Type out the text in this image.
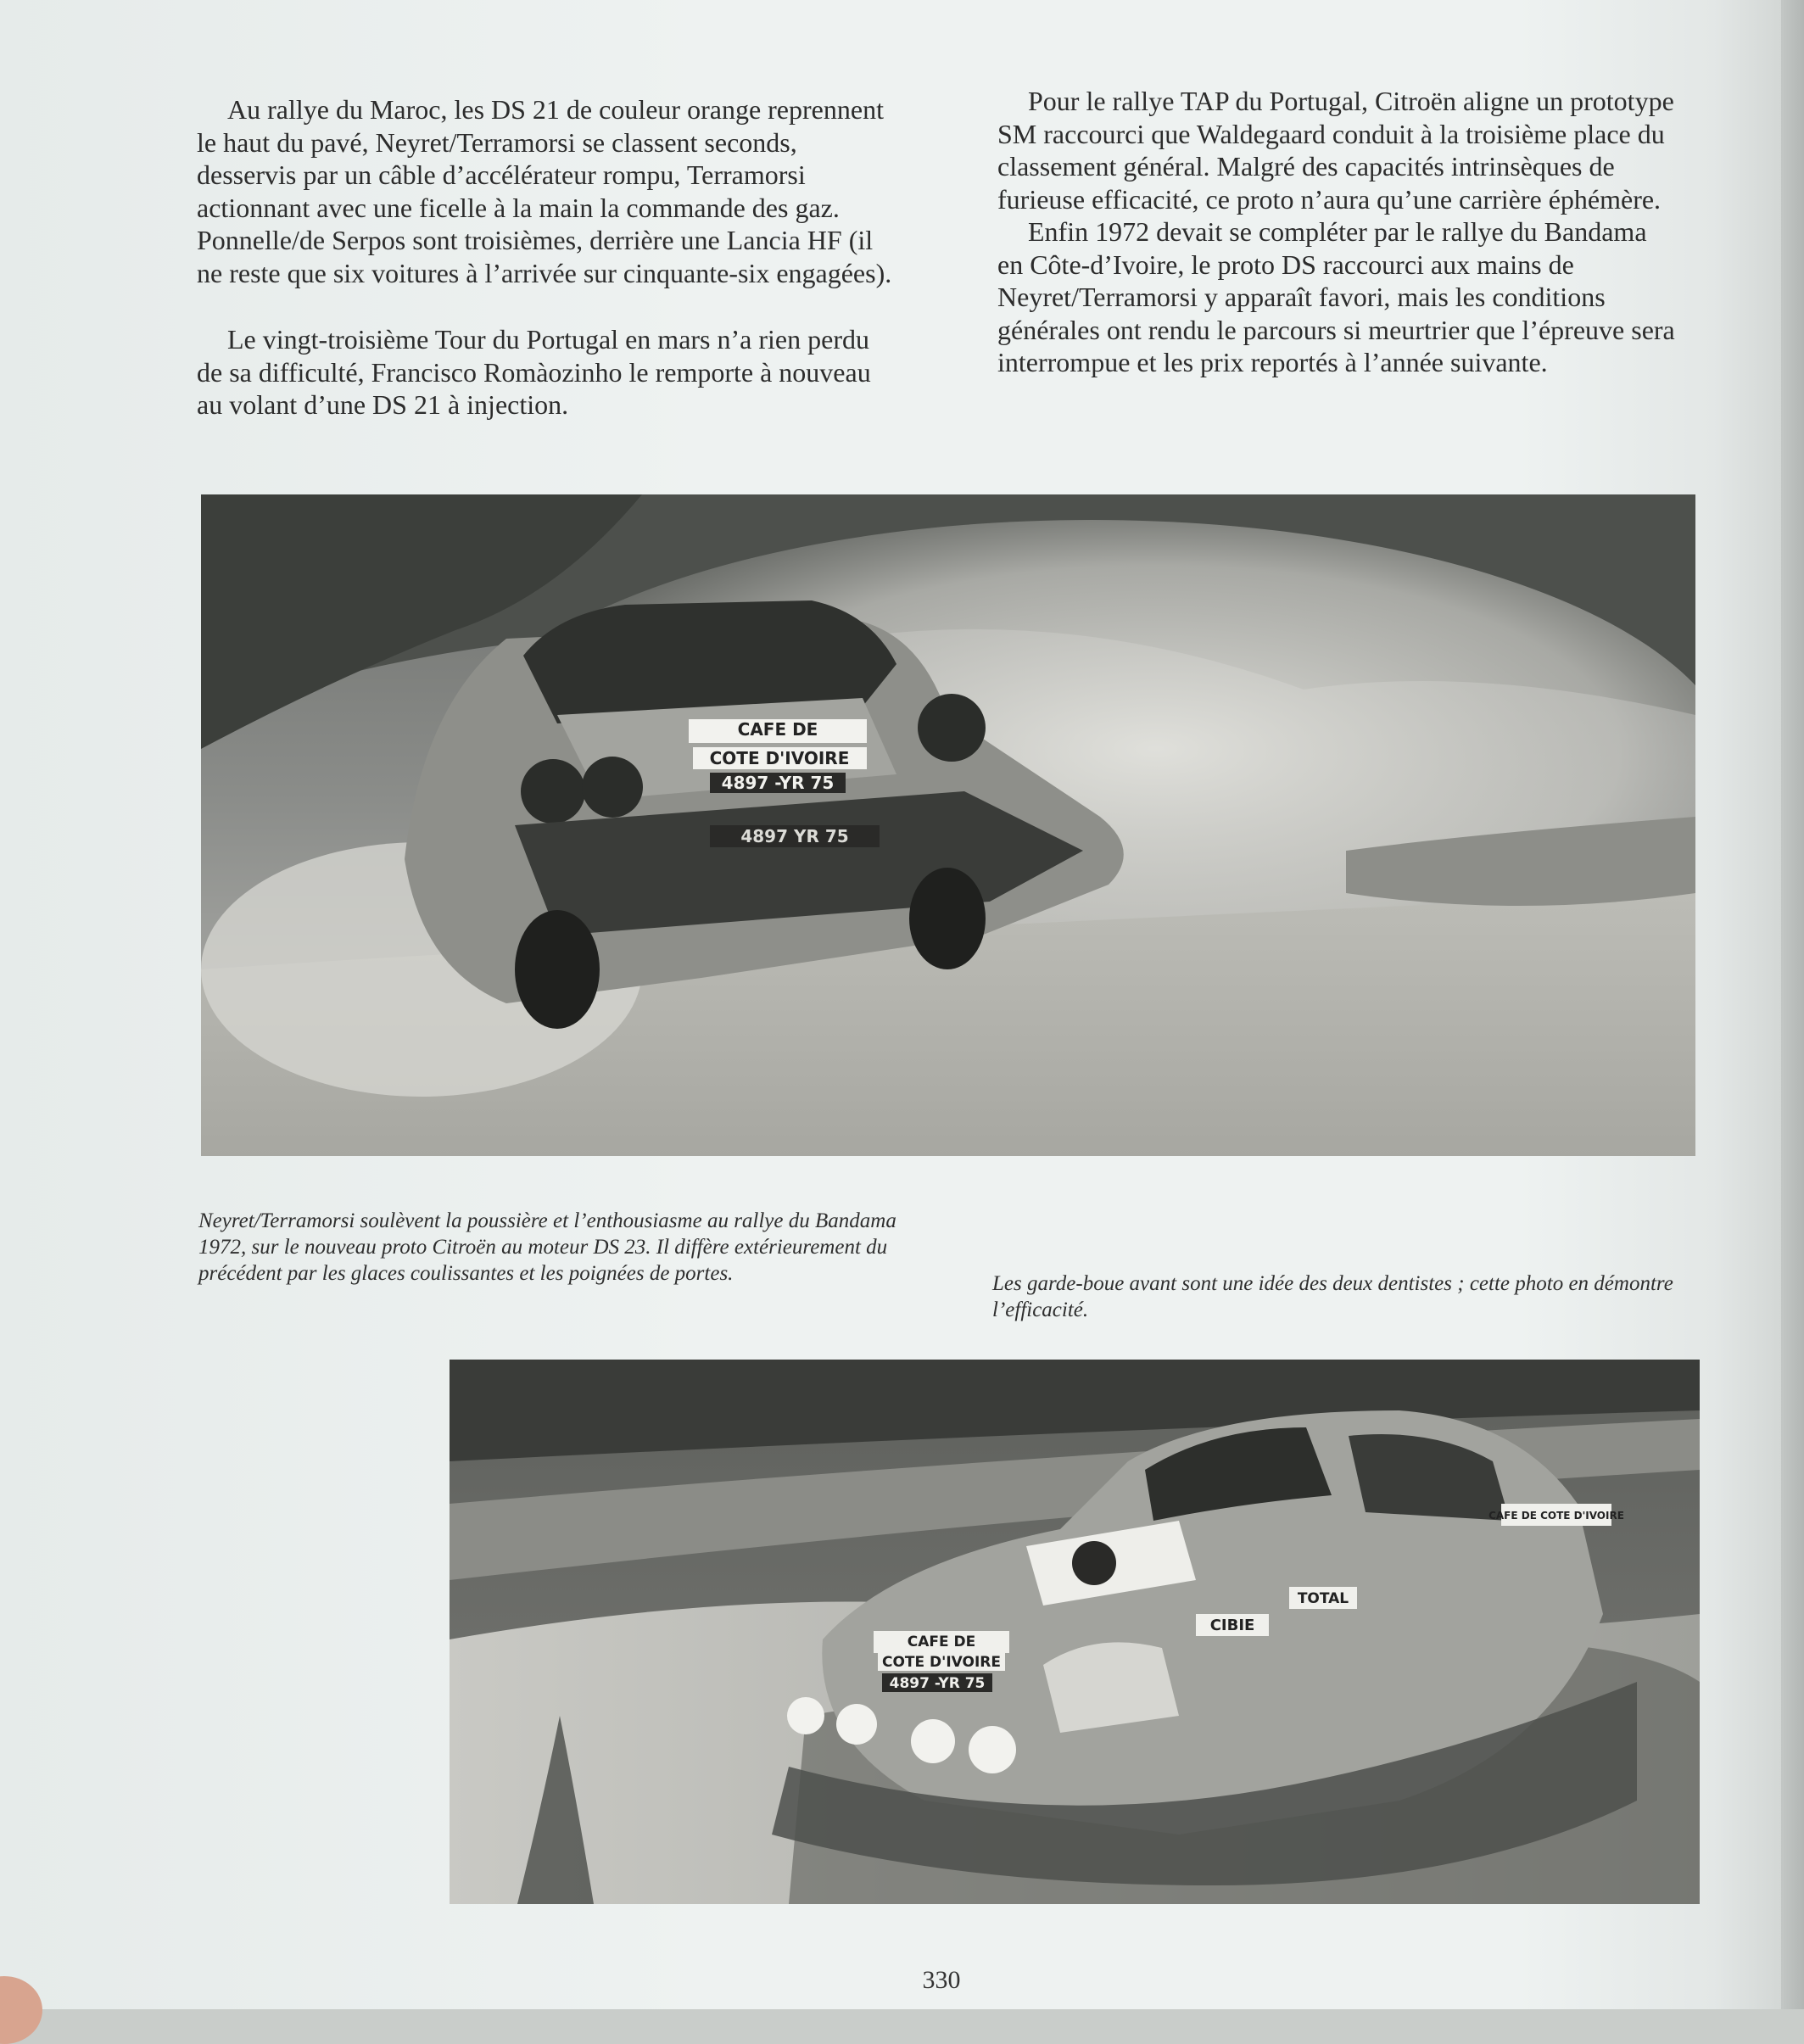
Au rallye du Maroc, les DS 21 de couleur orange reprennent le haut du pavé, Neyret/Terramorsi se classent seconds, desservis par un câble d’accélérateur rompu, Terramorsi actionnant avec une ficelle à la main la commande des gaz. Ponnelle/de Serpos sont troisièmes, derrière une Lancia HF (il ne reste que six voitures à l’arrivée sur cinquante-six engagées).

Le vingt-troisième Tour du Portugal en mars n’a rien perdu de sa difficulté, Francisco Romàozinho le remporte à nouveau au volant d’une DS 21 à injection.

Pour le rallye TAP du Portugal, Citroën aligne un prototype SM raccourci que Waldegaard conduit à la troisième place du classement général. Malgré des capacités intrinsèques de furieuse efficacité, ce proto n’aura qu’une carrière éphémère.

Enfin 1972 devait se compléter par le rallye du Bandama en Côte-d’Ivoire, le proto DS raccourci aux mains de Neyret/Terramorsi y apparaît favori, mais les conditions générales ont rendu le parcours si meurtrier que l’épreuve sera interrompue et les prix reportés à l’année suivante.

CAFE DE
COTE D'IVOIRE
4897 -YR 75
4897 YR 75

Neyret/Terramorsi soulèvent la poussière et l’enthousiasme au rallye du Bandama 1972, sur le nouveau proto Citroën au moteur DS 23. Il diffère extérieurement du précédent par les glaces coulissantes et les poignées de portes.	Les garde-boue avant sont une idée des deux dentistes ; cette photo en démontre l’efficacité.

CAFE DE
COTE D'IVOIRE
4897 -YR 75
CIBIE
TOTAL
CAFE DE COTE D'IVOIRE
330
